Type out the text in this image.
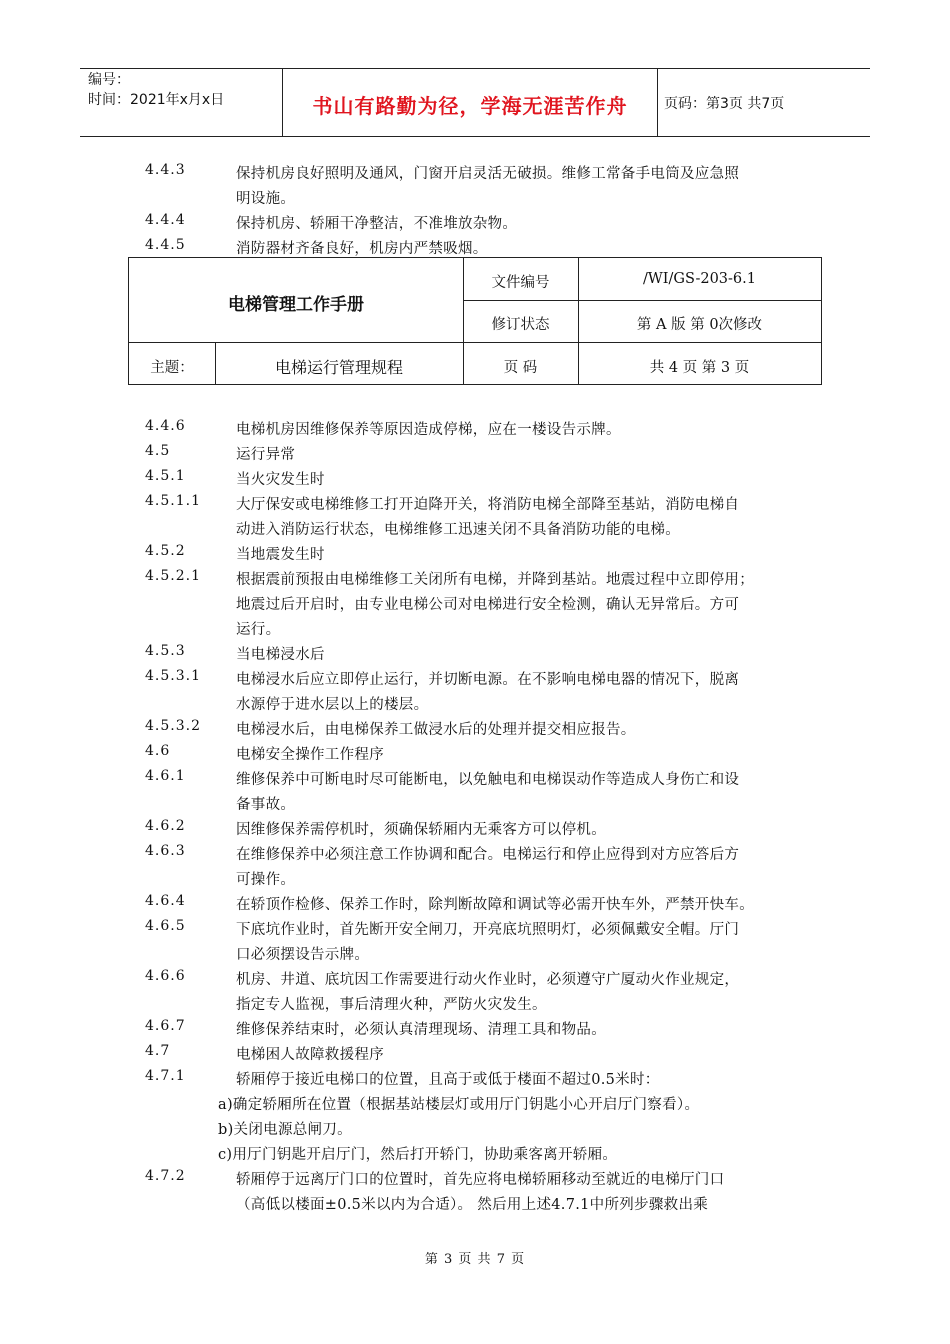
编号：
时间：2021年x月x日	书山有路勤为径，学海无涯苦作舟	页码：第3页 共7页
4.4.3	保持机房良好照明及通风，门窗开启灵活无破损。维修工常备手电筒及应急照
明设施。
4.4.4	保持机房、轿厢干净整洁，不准堆放杂物。
4.4.5	消防器材齐备良好，机房内严禁吸烟。
电梯管理工作手册
文件编号	/WI/GS-203-6.1
修订状态	第 A 版 第 0次修改
主题：	电梯运行管理规程	页 码	共 4 页 第 3 页
4.4.6	电梯机房因维修保养等原因造成停梯，应在一楼设告示牌。
4.5	运行异常
4.5.1	当火灾发生时
4.5.1.1 大厅保安或电梯维修工打开迫降开关，将消防电梯全部降至基站，消防电梯自
动进入消防运行状态，电梯维修工迅速关闭不具备消防功能的电梯。
4.5.2	当地震发生时
4.5.2.1 根据震前预报由电梯维修工关闭所有电梯，并降到基站。地震过程中立即停用；
地震过后开启时，由专业电梯公司对电梯进行安全检测，确认无异常后。方可
运行。
4.5.3	当电梯浸水后
4.5.3.1 电梯浸水后应立即停止运行，并切断电源。在不影响电梯电器的情况下，脱离
水源停于进水层以上的楼层。
4.5.3.2 电梯浸水后，由电梯保养工做浸水后的处理并提交相应报告。
4.6	电梯安全操作工作程序
4.6.1	维修保养中可断电时尽可能断电，以免触电和电梯误动作等造成人身伤亡和设
备事故。
4.6.2	因维修保养需停机时，须确保轿厢内无乘客方可以停机。
4.6.3	在维修保养中必须注意工作协调和配合。电梯运行和停止应得到对方应答后方
可操作。
4.6.4	在轿顶作检修、保养工作时，除判断故障和调试等必需开快车外，严禁开快车。
4.6.5	下底坑作业时，首先断开安全闸刀，开亮底坑照明灯，必须佩戴安全帽。厅门
口必须摆设告示牌。
4.6.6	机房、井道、底坑因工作需要进行动火作业时，必须遵守广厦动火作业规定，
指定专人监视，事后清理火种，严防火灾发生。
4.6.7	维修保养结束时，必须认真清理现场、清理工具和物品。
4.7	电梯困人故障救援程序
4.7.1	轿厢停于接近电梯口的位置，且高于或低于楼面不超过0.5米时：
a)确定轿厢所在位置（根据基站楼层灯或用厅门钥匙小心开启厅门察看）。
b)关闭电源总闸刀。
c)用厅门钥匙开启厅门，然后打开轿门，协助乘客离开轿厢。
4.7.2	轿厢停于远离厅门口的位置时，首先应将电梯轿厢移动至就近的电梯厅门口
（高低以楼面±0.5米以内为合适）。 然后用上述4.7.1中所列步骤救出乘
第 3 页 共 7 页
